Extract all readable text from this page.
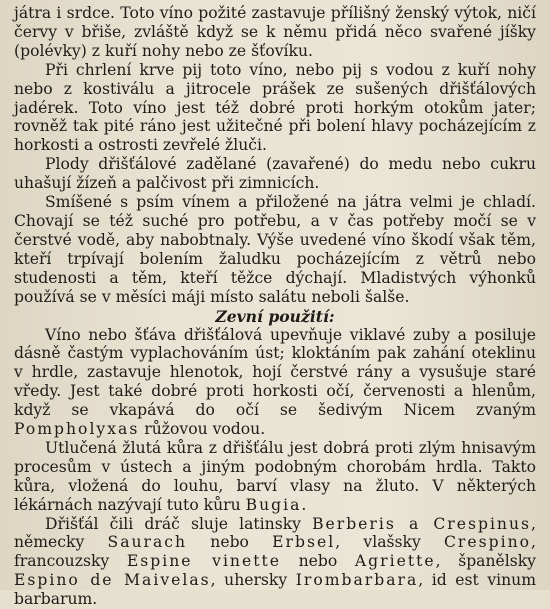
játra i srdce. Toto víno požité zastavuje přílišný ženský výtok, ničí červy v břiše, zvláště když se k němu přidá něco svařené jíšky (polévky) z kuří nohy nebo ze šťovíku.

Při chrlení krve pij toto víno, nebo pij s vodou z kuří nohy nebo z kostiválu a jitrocele prášek ze sušených dřišťálových jadérek. Toto víno jest též dobré proti horkým otokům jater; rovněž tak pité ráno jest užitečné při bolení hlavy pocházejícím z horkosti a ostrosti zevřelé žluči.

Plody dřišťálové zadělané (zavařené) do medu nebo cukru uhašují žízeň a palčivost při zimnicích.

Smíšené s psím vínem a přiložené na játra velmi je chladí. Chovají se též suché pro potřebu, a v čas potřeby močí se v čerstvé vodě, aby nabobtnaly. Výše uvedené víno škodí však těm, kteří trpívají bolením žaludku pocházejícím z větrů nebo studenosti a těm, kteří těžce dýchají. Mladistvých výhonků používá se v měsíci máji místo salátu neboli šalše.

Zevní použití:

Víno nebo šťáva dřišťálová upevňuje viklavé zuby a posiluje dásně častým vyplachováním úst; kloktáním pak zahání oteklinu v hrdle, zastavuje hlenotok, hojí čerstvé rány a vysušuje staré vředy. Jest také dobré proti horkosti očí, červenosti a hlenům, když se vkapává do očí se šedivým Nicem zvaným Pompholyxas růžovou vodou.

Utlučená žlutá kůra z dřišťálu jest dobrá proti zlým hnisavým procesům v ústech a jiným podobným chorobám hrdla. Takto kůra, vložená do louhu, barví vlasy na žluto. V některých lékárnách nazývají tuto kůru Bugia.

Dřišťál čili dráč sluje latinsky Berberis a Crespinus, německy Saurach nebo Erbsel, vlašsky Crespino, francouzsky Espine vinette nebo Agriette, španělsky Espino de Maivelas, uhersky Irombarbara, id est vinum barbarum.
